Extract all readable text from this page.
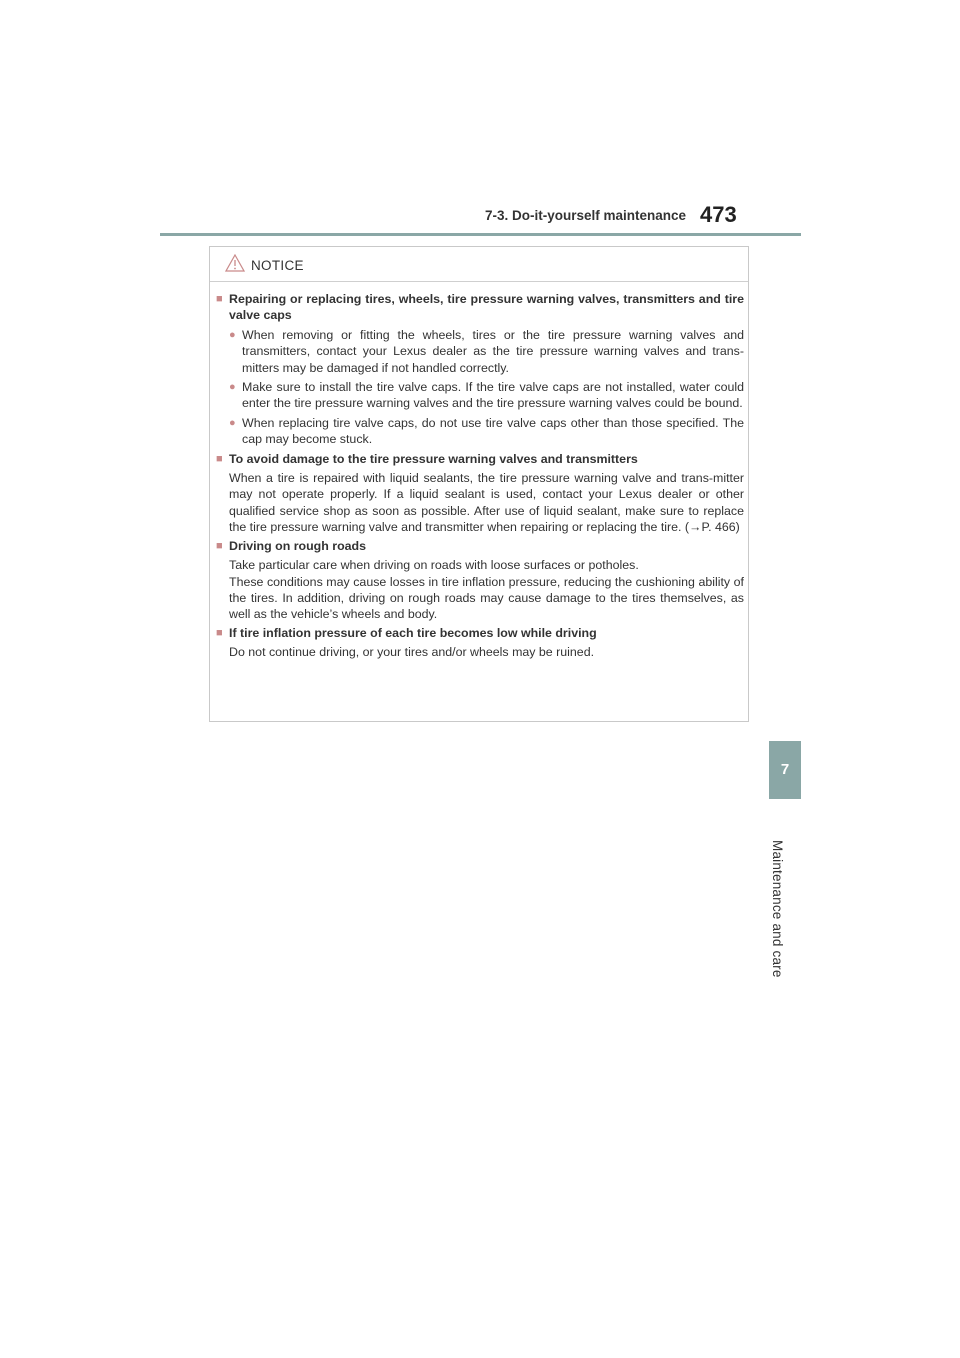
7-3. Do-it-yourself maintenance 473
7
Maintenance and care
NOTICE
■ Repairing or replacing tires, wheels, tire pressure warning valves, transmitters and tire valve caps
● When removing or fitting the wheels, tires or the tire pressure warning valves and transmitters, contact your Lexus dealer as the tire pressure warning valves and trans-mitters may be damaged if not handled correctly.
● Make sure to install the tire valve caps. If the tire valve caps are not installed, water could enter the tire pressure warning valves and the tire pressure warning valves could be bound.
● When replacing tire valve caps, do not use tire valve caps other than those specified. The cap may become stuck.
■ To avoid damage to the tire pressure warning valves and transmitters
When a tire is repaired with liquid sealants, the tire pressure warning valve and trans-mitter may not operate properly. If a liquid sealant is used, contact your Lexus dealer or other qualified service shop as soon as possible. After use of liquid sealant, make sure to replace the tire pressure warning valve and transmitter when repairing or replacing the tire. (→P. 466)
■ Driving on rough roads
Take particular care when driving on roads with loose surfaces or potholes.
These conditions may cause losses in tire inflation pressure, reducing the cushioning ability of the tires. In addition, driving on rough roads may cause damage to the tires themselves, as well as the vehicle’s wheels and body.
■ If tire inflation pressure of each tire becomes low while driving
Do not continue driving, or your tires and/or wheels may be ruined.
